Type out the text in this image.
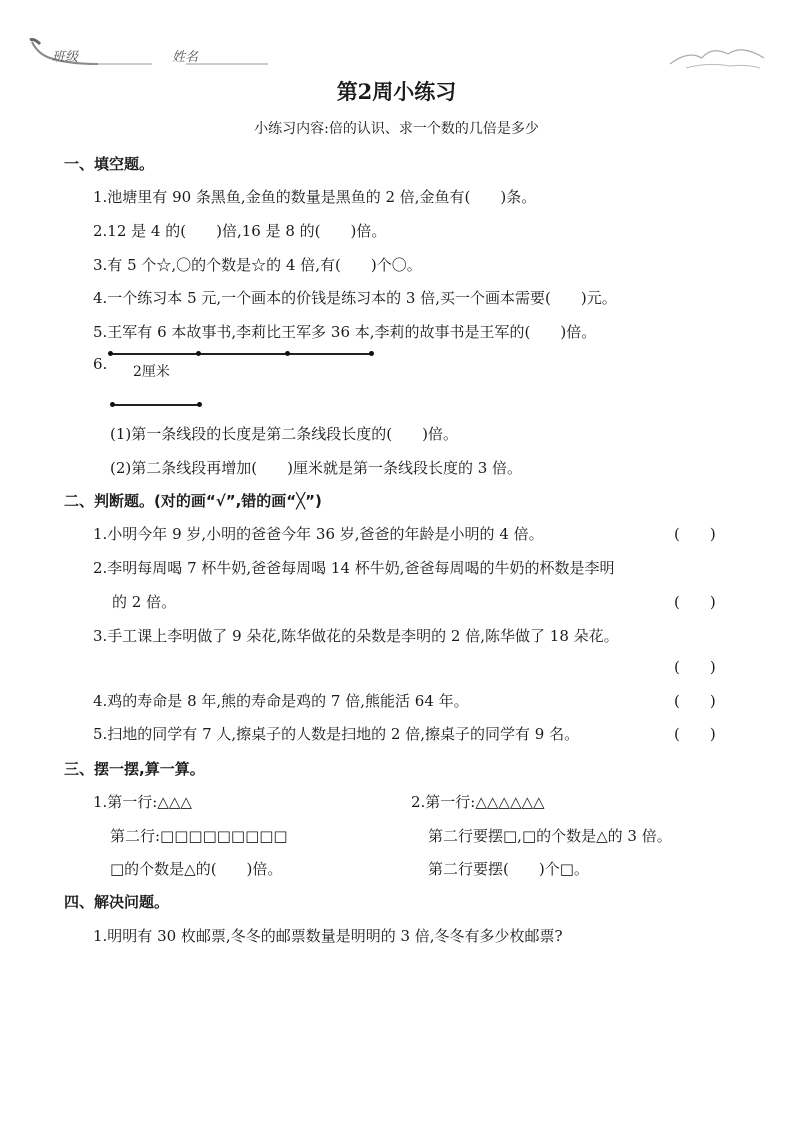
班级	姓名
第2周小练习
小练习内容:倍的认识、求一个数的几倍是多少
一、填空题。
1.池塘里有 90 条黑鱼,金鱼的数量是黑鱼的 2 倍,金鱼有(　　)条。
2.12 是 4 的(　　)倍,16 是 8 的(　　)倍。
3.有 5 个☆,〇的个数是☆的 4 倍,有(　　)个〇。
4.一个练习本 5 元,一个画本的价钱是练习本的 3 倍,买一个画本需要(　　)元。
5.王军有 6 本故事书,李莉比王军多 36 本,李莉的故事书是王军的(　　)倍。
6. 2厘米
(1)第一条线段的长度是第二条线段长度的(　　)倍。
(2)第二条线段再增加(　　)厘米就是第一条线段长度的 3 倍。
二、判断题。(对的画“√”,错的画“╳”)
1.小明今年 9 岁,小明的爸爸今年 36 岁,爸爸的年龄是小明的 4 倍。	(　　)
2.李明每周喝 7 杯牛奶,爸爸每周喝 14 杯牛奶,爸爸每周喝的牛奶的杯数是李明
的 2 倍。	(　　)
3.手工课上李明做了 9 朵花,陈华做花的朵数是李明的 2 倍,陈华做了 18 朵花。
(　　)
4.鸡的寿命是 8 年,熊的寿命是鸡的 7 倍,熊能活 64 年。	(　　)
5.扫地的同学有 7 人,擦桌子的人数是扫地的 2 倍,擦桌子的同学有 9 名。	(　　)
三、摆一摆,算一算。
1.第一行:△△△
第二行:□□□□□□□□□
□的个数是△的(　　)倍。
2.第一行:△△△△△△
第二行要摆□,□的个数是△的 3 倍。
第二行要摆(　　)个□。
四、解决问题。
1.明明有 30 枚邮票,冬冬的邮票数量是明明的 3 倍,冬冬有多少枚邮票?
